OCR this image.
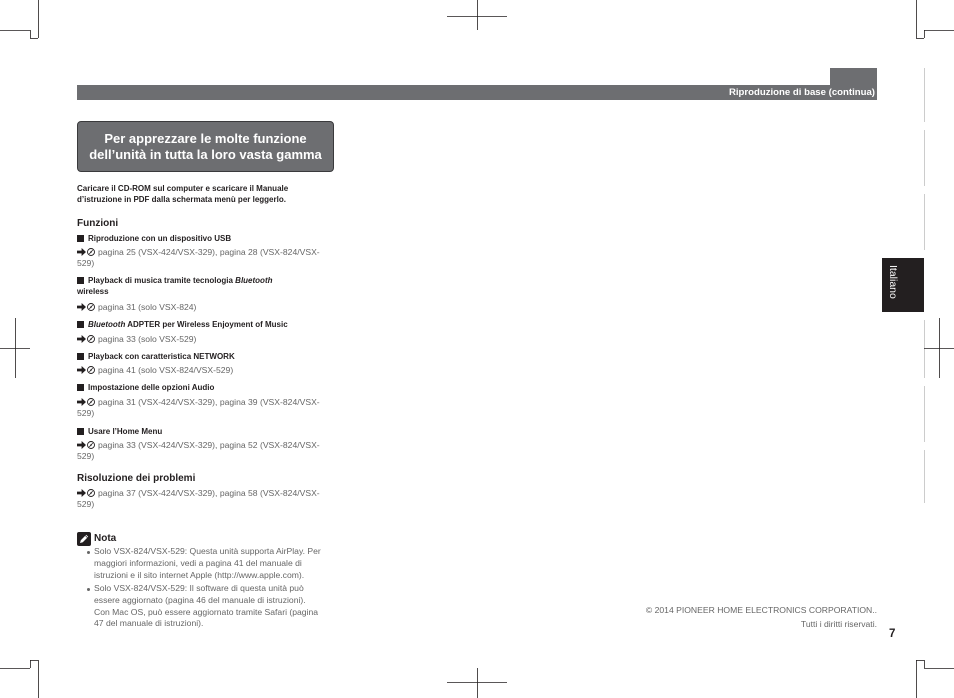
Riproduzione di base (continua)
Per apprezzare le molte funzione
dell’unità in tutta la loro vasta gamma
Caricare il CD-ROM sul computer e scaricare il Manuale
d’istruzione in PDF dalla schermata menù per leggerlo.
Funzioni
Riproduzione con un dispositivo USB
pagina 25 (VSX-424/VSX-329), pagina 28 (VSX-824/VSX-
529)
Playback di musica tramite tecnologia Bluetooth
wireless
pagina 31 (solo VSX-824)
Bluetooth ADPTER per Wireless Enjoyment of Music
pagina 33 (solo VSX-529)
Playback con caratteristica NETWORK
pagina 41 (solo VSX-824/VSX-529)
Impostazione delle opzioni Audio
pagina 31 (VSX-424/VSX-329), pagina 39 (VSX-824/VSX-
529)
Usare l’Home Menu
pagina 33 (VSX-424/VSX-329), pagina 52 (VSX-824/VSX-
529)
Risoluzione dei problemi
pagina 37 (VSX-424/VSX-329), pagina 58 (VSX-824/VSX-
529)
Nota
Solo VSX-824/VSX-529: Questa unità supporta AirPlay. Per
maggiori informazioni, vedi a pagina 41 del manuale di
istruzioni e il sito internet Apple (http://www.apple.com).
Solo VSX-824/VSX-529: Il software di questa unità può
essere aggiornato (pagina 46 del manuale di istruzioni).
Con Mac OS, può essere aggiornato tramite Safari (pagina
47 del manuale di istruzioni).
Italiano
© 2014 PIONEER HOME ELECTRONICS CORPORATION..
Tutti i diritti riservati.
7
